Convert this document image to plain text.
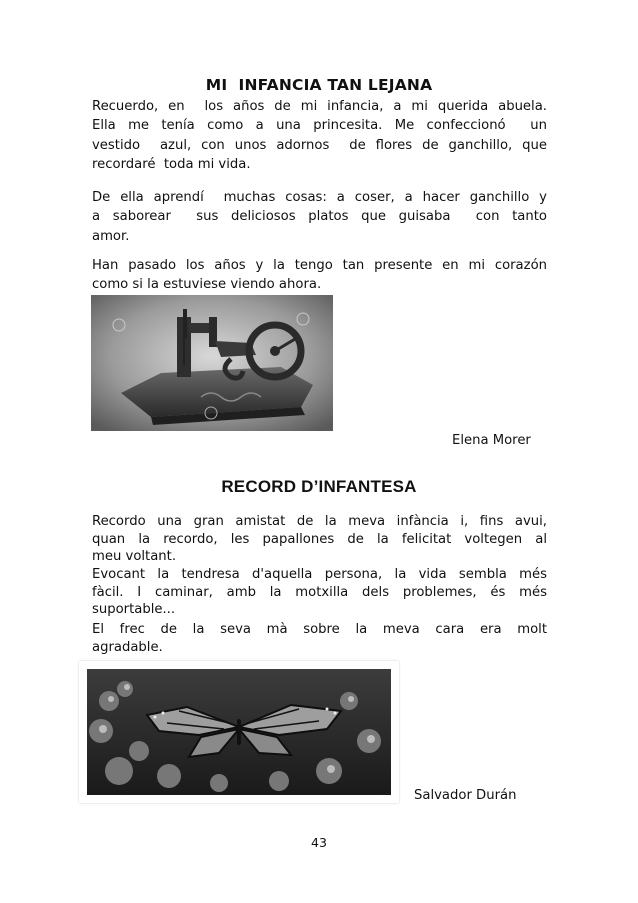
MI  INFANCIA TAN LEJANA
Recuerdo, en  los años de mi infancia, a mi querida abuela.
Ella me tenía como a una princesita. Me confeccionó  un
vestido  azul, con unos adornos  de flores de ganchillo, que
recordaré  toda mi vida.
De ella aprendí  muchas cosas: a coser, a hacer ganchillo y
a saborear  sus deliciosos platos que guisaba  con tanto
amor.
Han pasado los años y la tengo tan presente en mi corazón
como si la estuviese viendo ahora.
Elena Morer
RECORD D’INFANTESA
Recordo una gran amistat de la meva infància i, fins avui,
quan la recordo, les papallones de la felicitat voltegen al
meu voltant.
Evocant la tendresa d'aquella persona, la vida sembla més
fàcil. I caminar, amb la motxilla dels problemes, és més
suportable...
El frec de la seva mà sobre la meva cara era molt
agradable.
Salvador Durán
43
